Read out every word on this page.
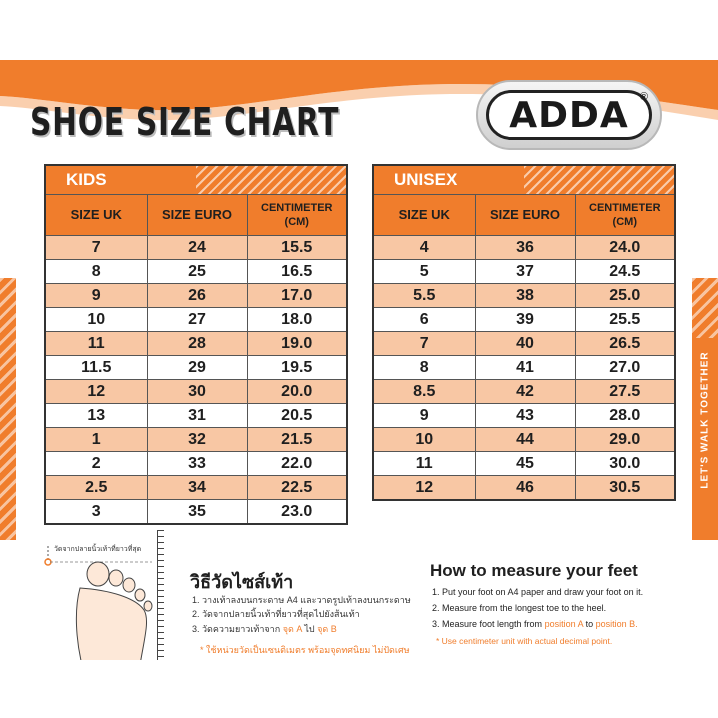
SHOE SIZE CHART	ADDA ®
LET'S WALK TOGETHER
KIDS		

SIZE UK	SIZE EURO	CENTIMETER
(CM)
7	24	15.5
8	25	16.5
9	26	17.0
10	27	18.0
11	28	19.0
11.5	29	19.5
12	30	20.0
13	31	20.5
1	32	21.5
2	33	22.0
2.5	34	22.5
3	35	23.0
UNISEX		

SIZE UK	SIZE EURO	CENTIMETER
(CM)
4	36	24.0
5	37	24.5
5.5	38	25.0
6	39	25.5
7	40	26.5
8	41	27.0
8.5	42	27.5
9	43	28.0
10	44	29.0
11	45	30.0
12	46	30.5
วัดจากปลายนิ้วเท้าที่ยาวที่สุด
วิธีวัดไซส์เท้า
1. วางเท้าลงบนกระดาษ A4 และวาดรูปเท้าลงบนกระดาษ
2. วัดจากปลายนิ้วเท้าที่ยาวที่สุดไปยังส้นเท้า
3. วัดความยาวเท้าจาก จุด A ไป จุด B
* ใช้หน่วยวัดเป็นเซนติเมตร พร้อมจุดทศนิยม ไม่ปัดเศษ
How to measure your feet
1. Put your foot on A4 paper and draw your foot on it.
2. Measure from the longest toe to the heel.
3. Measure foot length from position A to position B.
* Use centimeter unit with actual decimal point.
